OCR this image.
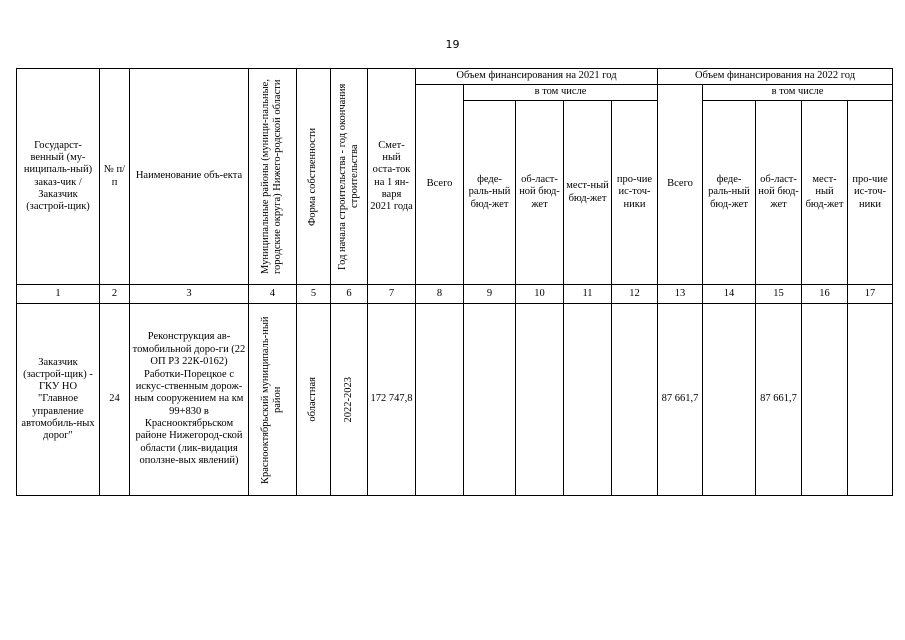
19
Государст-венный (му-ниципаль-ный) заказ-чик / Заказчик (застрой-щик)	№ п/п	Наименование объ-екта	Муниципальные районы (муници-пальные, городские округа) Нижего-родской области	Форма собственности	Год начала строительства - год окончания строительства	Смет-ный оста-ток на 1 ян-варя 2021 года	Объем финансирования на 2021 год					Объем финансирования на 2022 год				
							Всего	в том числе				Всего	в том числе			
								феде-раль-ный бюд-жет	об-ласт-ной бюд-жет	мест-ный бюд-жет	про-чие ис-точ-ники		феде-раль-ный бюд-жет	об-ласт-ной бюд-жет	мест-ный бюд-жет	про-чие ис-точ-ники
1	2	3	4	5	6	7	8	9	10	11	12	13	14	15	16	17
Заказчик (застрой-щик) - ГКУ НО "Главное управление автомобиль-ных дорог"	24	Реконструкция ав-томобильной доро-ги (22 ОП РЗ 22К-0162) Работки-Порецкое с искус-ственным дорож-ным сооружением на км 99+830 в Краснооктябрьском районе Нижегород-ской области (лик-видация оползне-вых явлений)	Краснооктябрьский муниципаль-ный район	областная	2022-2023	172 747,8						87 661,7		87 661,7		
